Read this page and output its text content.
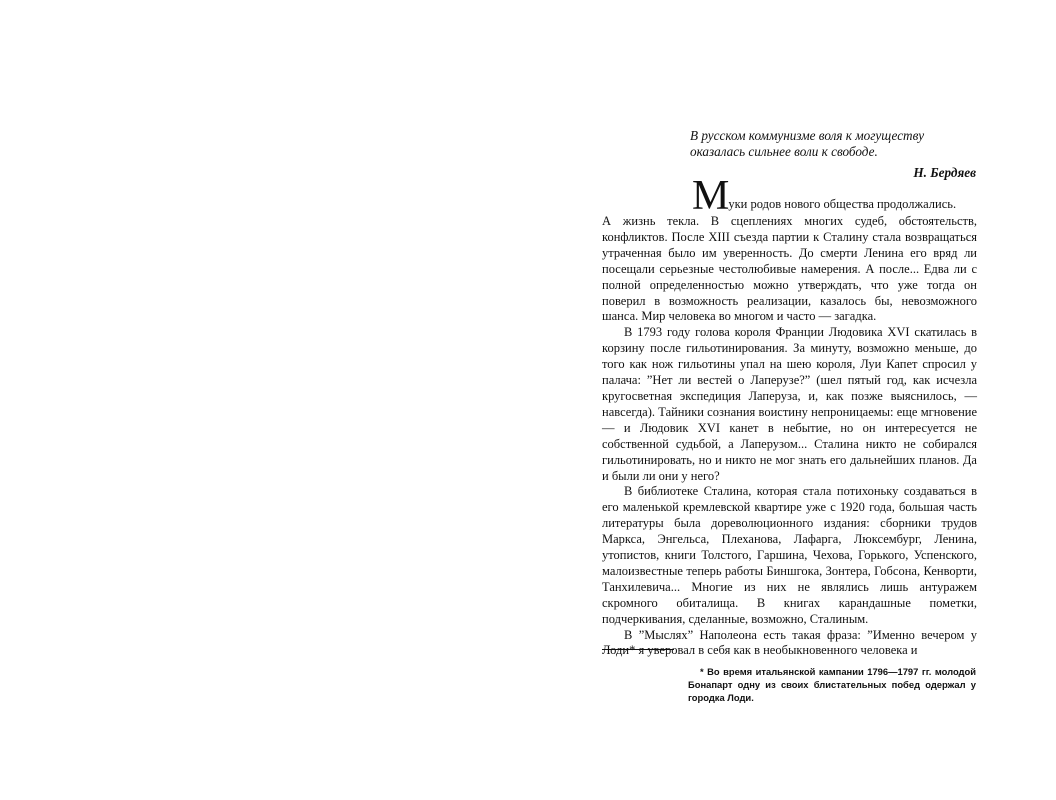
В русском коммунизме воля к могуществу
оказалась сильнее воли к свободе.
Н. Бердяев

Муки родов нового общества продолжались.
А жизнь текла. В сцеплениях многих судеб, обстоятельств, конфликтов. После XIII съезда партии к Сталину стала возвращаться утраченная было им уверенность. До смерти Ленина его вряд ли посещали серьезные честолюбивые намерения. А после... Едва ли с полной определенностью можно утверждать, что уже тогда он поверил в возможность реализации, казалось бы, невозможного шанса. Мир человека во многом и часто — загадка.

В 1793 году голова короля Франции Людовика XVI скатилась в корзину после гильотинирования. За минуту, возможно меньше, до того как нож гильотины упал на шею короля, Луи Капет спросил у палача: ”Нет ли вестей о Лаперузе?” (шел пятый год, как исчезла кругосветная экспедиция Лаперуза, и, как позже выяснилось, — навсегда). Тайники сознания воистину непроницаемы: еще мгновение — и Людовик XVI канет в небытие, но он интересуется не собственной судьбой, а Лаперузом... Сталина никто не собирался гильотинировать, но и никто не мог знать его дальнейших планов. Да и были ли они у него?

В библиотеке Сталина, которая стала потихоньку создаваться в его маленькой кремлевской квартире уже с 1920 года, большая часть литературы была дореволюционного издания: сборники трудов Маркса, Энгельса, Плеханова, Лафарга, Люксембург, Ленина, утопистов, книги Толстого, Гаршина, Чехова, Горького, Успенского, малоизвестные теперь работы Биншгока, Зонтера, Гобсона, Кенворти, Танхилевича... Многие из них не являлись лишь антуражем скромного обиталища. В книгах карандашные пометки, подчеркивания, сделанные, возможно, Сталиным.

В ”Мыслях” Наполеона есть такая фраза: ”Именно вечером у Лоди* я уверовал в себя как в необыкновенного человека и

* Во время итальянской кампании 1796—1797 гг. молодой Бонапарт одну из своих блистательных побед одержал у городка Лоди.
